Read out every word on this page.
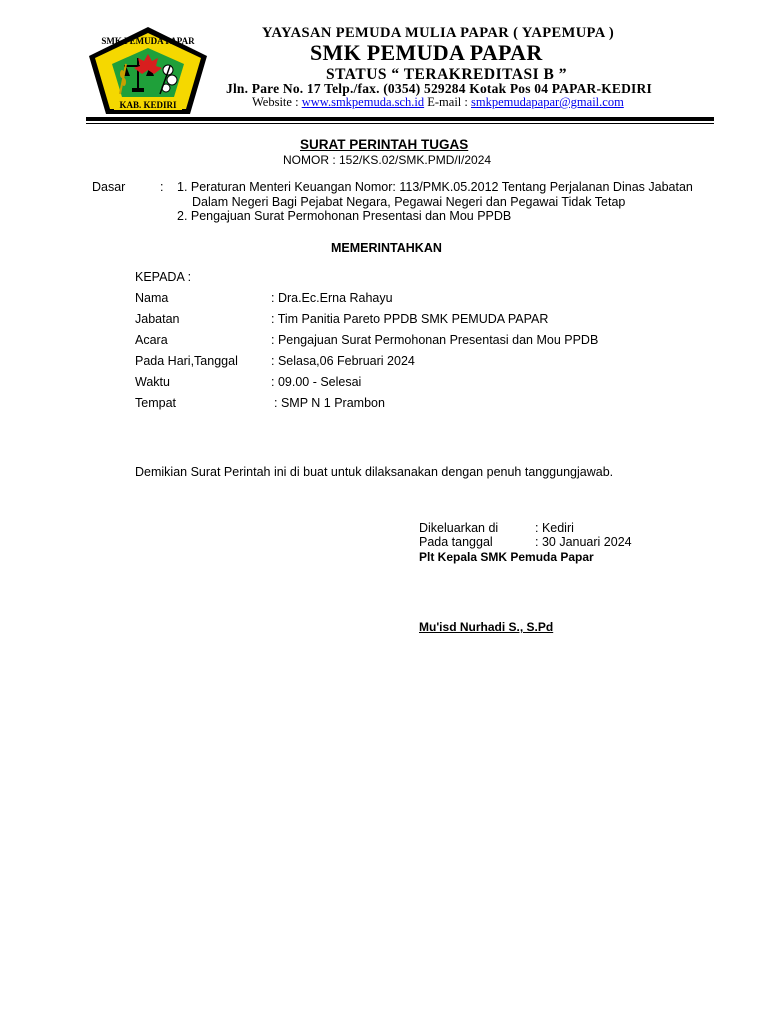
SMK PEMUDA PAPAR
KAB. KEDIRI
YAYASAN PEMUDA MULIA PAPAR ( YAPEMUPA )
SMK PEMUDA PAPAR
STATUS “ TERAKREDITASI B ”
Jln. Pare No. 17 Telp./fax. (0354) 529284 Kotak Pos 04 PAPAR-KEDIRI
Website : www.smkpemuda.sch.id E-mail : smkpemudapapar@gmail.com
SURAT PERINTAH TUGAS
NOMOR : 152/KS.02/SMK.PMD/I/2024
Dasar	: 1. Peraturan Menteri Keuangan Nomor: 113/PMK.05.2012 Tentang Perjalanan Dinas Jabatan
Dalam Negeri Bagi Pejabat Negara, Pegawai Negeri dan Pegawai Tidak Tetap
2. Pengajuan Surat Permohonan Presentasi dan Mou PPDB
MEMERINTAHKAN
KEPADA :
Nama	: Dra.Ec.Erna Rahayu
Jabatan	: Tim Panitia Pareto PPDB SMK PEMUDA PAPAR
Acara	: Pengajuan Surat Permohonan Presentasi dan Mou PPDB
Pada Hari,Tanggal	: Selasa,06 Februari 2024
Waktu	: 09.00 - Selesai
Tempat	: SMP N 1 Prambon
Demikian Surat Perintah ini di buat untuk dilaksanakan dengan penuh tanggungjawab.
Dikeluarkan di	: Kediri
Pada tanggal	: 30 Januari 2024
Plt Kepala SMK Pemuda Papar
Mu'isd Nurhadi S., S.Pd
